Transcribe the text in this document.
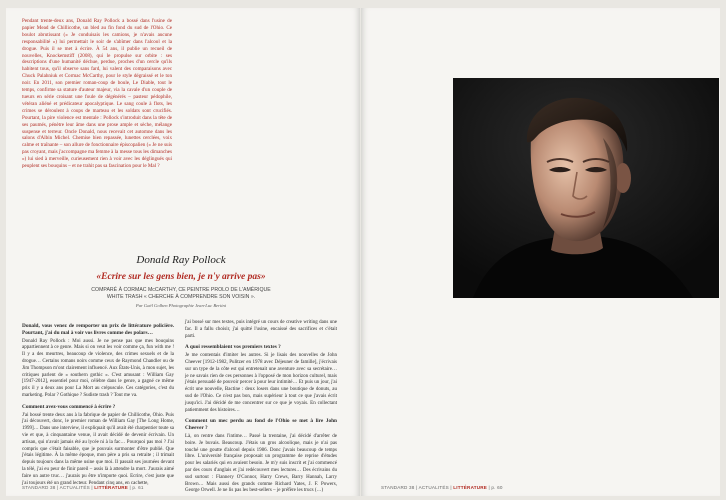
Pendant trente-deux ans, Donald Ray Pollock a bossé dans l'usine de papier Mead de Chillicothe, un bled au fin fond du sud de l'Ohio. Ce boulot abrutissant (« Je conduisais les camions, je n'avais aucune responsabilité ») lui permettait le soir de s'abîmer dans l'alcool et la drogue. Puis il se met à écrire. À 54 ans, il publie un recueil de nouvelles, Knockemstiff (2008), qui le propulse sur orbite : ses descriptions d'une humanité déchue, perdue, proches d'un cercle qu'ils habitent tous, qu'il observe sans fard, lui valent des comparaisons avec Chuck Palahniuk et Cormac McCarthy, pour le style dégraissé et le ton noir. En 2011, son premier roman-coup de boule, Le Diable, tout le temps, confirme sa stature d'auteur majeur, via la cavale d'un couple de tueurs en série croisant une foule de dégénérés – pasteur pédophile, vétéran aliéné et prédicateur apocalyptique. Le sang coule à flots, les crimes se déroulent à coups de marteau et les soldats sont crucifiés. Pourtant, la pire violence est mentale : Pollock s'introduit dans la tête de ses paumés, pénètre leur âme dans une prose ample et sèche, mélange suspense et terreur. Oncle Donald, nous recevait cet automne dans les salons d'Albin Michel. Chemise bien repassée, lunettes cerclées, voix calme et traînante – son allure de fonctionnaire épiscopalien (« Je ne suis pas croyant, mais j'accompagne ma femme à la messe tous les dimanches ») lui sied à merveille, curieusement rien à voir avec les déglingués qui peuplent ses bouquins – et ne trahit pas sa fascination pour le Mal ?
Donald Ray Pollock
«Ecrire sur les gens bien, je n'y arrive pas»
COMPARÉ À CORMAC McCARTHY, CE PEINTRE PROLO DE L'AMÉRIQUE
WHITE TRASH « CHERCHE À COMPRENDRE SON VOISIN ».
Par Gaël Golhen Photographie Jean-Luc Bertini
Donald, vous venez de remporter un prix de littérature policière. Pourtant, j'ai du mal à voir vos livres comme des polars…

Donald Ray Pollock : Moi aussi. Je ne pense pas que mes bouquins appartiennent à ce genre. Mais si on veut les voir comme ça, fun with me ! Il y a des meurtres, beaucoup de violence, des crimes sexuels et de la drogue… Certains romans noirs comme ceux de Raymond Chandler ou de Jim Thompson m'ont clairement influencé. Aux États-Unis, à mon sujet, les critiques parlent de « southern gothic ». C'est amusant : William Gay [1947-2012], essentiel pour moi, célèbre dans le genre, a gagné ce même prix il y a deux ans pour La Mort au crépuscule. Ces catégories, c'est du marketing. Polar ? Gothique ? Sudiste trash ? Tout me va.

Comment avez-vous commencé à écrire ?

J'ai bossé trente deux ans à la fabrique de papier de Chillicothe, Ohio. Puis j'ai découvert, donc, le premier roman de William Gay [The Long Home, 1999]… Dans une interview, il expliquait qu'il avait été charpentier toute sa vie et que, à cinquantaine venue, il avait décidé de devenir écrivain. Un artisan, qui n'avait jamais été au lycée ni à la fac… Pourquoi pas moi ? J'ai compris que c'était faisable, que je pouvais surmonter d'être publié. Que j'étais légitime. À la même époque, mon père a pris sa retraite ; il trimait depuis toujours dans la même usine que moi. Il passait ses journées devant la télé, j'ai eu peur de finir pareil – assis là à attendre la mort. J'aurais aimé faire un autre truc… j'aurais pu être n'importe quoi. Ecrire, c'est juste que j'ai toujours été un grand lecteur. Pendant cinq ans, en cachette,

j'ai bossé sur mes textes, puis intégré un cours de creative writing dans une fac. Il a fallu choisir, j'ai quitté l'usine, encaissé des sacrifices et c'était parti.

A quoi ressemblaient vos premiers textes ?

Je me contentais d'imiter les autres. Si je lisais des nouvelles de John Cheever [1912-1982, Pulitzer en 1978 avec Déjeuner de famille], j'écrivais sur un type de la côte est qui entretenait une aventure avec sa secrétaire… je ne savais rien de ces personnes à l'opposé de mon horizon culturel, mais j'étais persuadé de pouvoir percer à pour leur intimité… Et puis un jour, j'ai écrit une nouvelle, Bactine : deux losers dans une boutique de donuts, au sud de l'Ohio. Ce n'est pas bon, mais supérieur à tout ce que j'avais écrit jusqu'ici. J'ai décidé de me concentrer sur ce que je voyais. En collectant patiemment des histoires…

Comment un mec perdu au fond de l'Ohio se met à lire John Cheever ?

Là, on rentre dans l'intime… Passé la trentaine, j'ai décidé d'arrêter de boire. Je buvais. Beaucoup. J'étais un gros alcoolique, mais je n'ai pas touché une goutte d'alcool depuis 1986. Donc j'avais beaucoup de temps libre. L'université française proposait un programme de reprise d'études pour les salariés qui en avaient besoin. Je m'y suis inscrit et j'ai commencé par des cours d'anglais et j'ai redécouvert mes lectures… Des écrivains du sud surtout : Flannery O'Connor, Harry Crews, Barry Hannah, Larry Brown… Mais aussi des grands comme Richard Yates, J. F. Powers, George Orwell. Je ne lis pas les best-sellers – je préfère les trucs (…)

STANDARD 38 | ACTUALITÉS | LITTÉRATURE | p. 61	STANDARD 38 | ACTUALITÉS | LITTÉRATURE | p. 60
